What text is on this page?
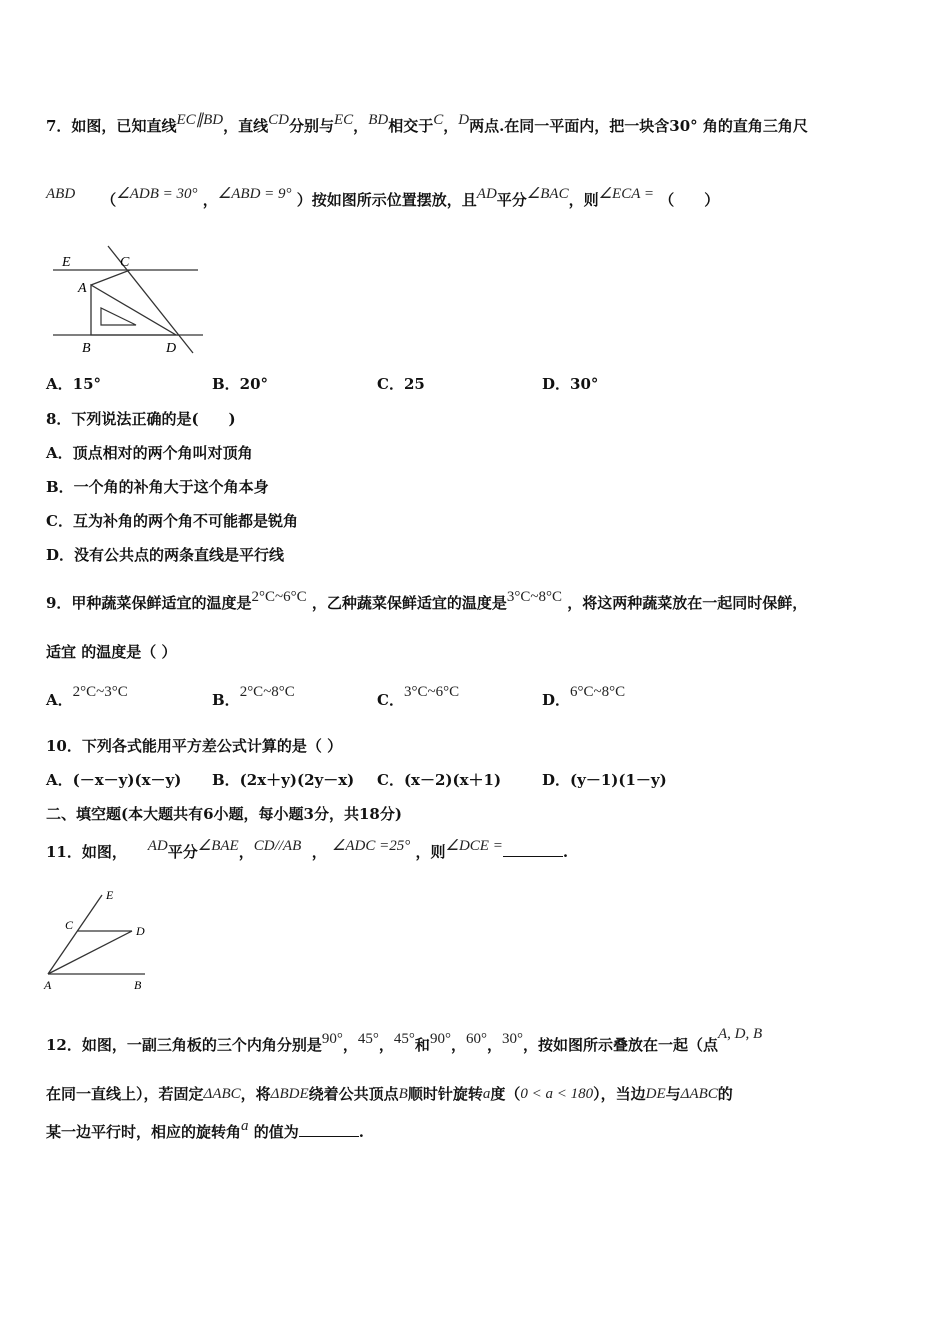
7．如图，已知直线EC∥BD，直线CD分别与EC，BD相交于C，D两点.在同一平面内，把一块含30° 角的直角三角尺
ABD （∠ADB = 30° ，∠ABD = 9° ）按如图所示位置摆放，且AD平分∠BAC，则∠ECA = （　　）
E	C
A
B	D
A．15°	B．20°	C．25	D．30°
8．下列说法正确的是(　　)
A．顶点相对的两个角叫对顶角
B．一个角的补角大于这个角本身
C．互为补角的两个角不可能都是锐角
D．没有公共点的两条直线是平行线
9．甲种蔬菜保鲜适宜的温度是2°C~6°C ，乙种蔬菜保鲜适宜的温度是3°C~8°C ，将这两种蔬菜放在一起同时保鲜，
适宜 的温度是（ ）
A．2°C~3°C	B．2°C~8°C	C．3°C~6°C	D．6°C~8°C
10．下列各式能用平方差公式计算的是（ ）
A．(－x－y)(x－y) B．(2x＋y)(2y－x) C．(x－2)(x＋1)	D．(y－1)(1－y)
二、填空题(本大题共有6小题，每小题3分，共18分)
11．如图， AD平分∠BAE，CD//AB ， ∠ADC =25° ，则∠DCE =	.
E
C	D
A	B
12．如图，一副三角板的三个内角分别是90°，45°，45°和90°，60°，30°，按如图所示叠放在一起（点A, D, B
在同一直线上），若固定ΔABC，将ΔBDE绕着公共顶点B顺时针旋转a度（0 < a < 180），当边DE与ΔABC的
某一边平行时，相应的旋转角a 的值为	.
